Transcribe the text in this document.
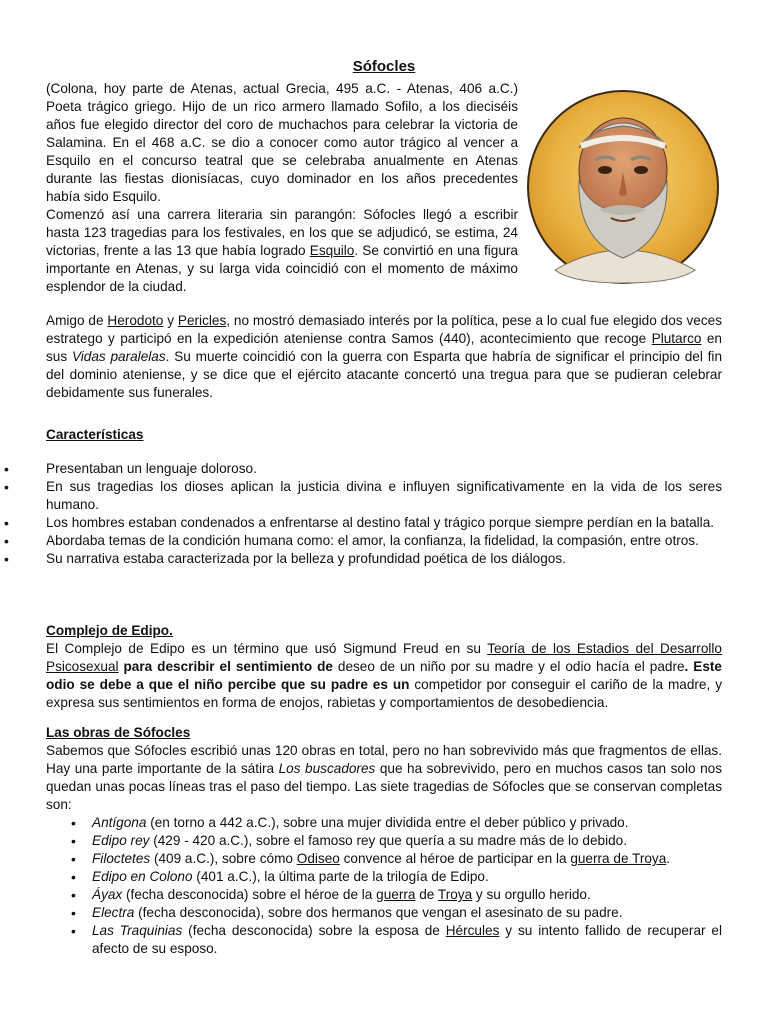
Sófocles

(Colona, hoy parte de Atenas, actual Grecia, 495 a.C. - Atenas, 406 a.C.) Poeta trágico griego. Hijo de un rico armero llamado Sofilo, a los dieciséis años fue elegido director del coro de muchachos para celebrar la victoria de Salamina. En el 468 a.C. se dio a conocer como autor trágico al vencer a Esquilo en el concurso teatral que se celebraba anualmente en Atenas durante las fiestas dionisíacas, cuyo dominador en los años precedentes había sido Esquilo.

Comenzó así una carrera literaria sin parangón: Sófocles llegó a escribir hasta 123 tragedias para los festivales, en los que se adjudicó, se estima, 24 victorias, frente a las 13 que había logrado Esquilo. Se convirtió en una figura importante en Atenas, y su larga vida coincidió con el momento de máximo esplendor de la ciudad.

Amigo de Herodoto y Pericles, no mostró demasiado interés por la política, pese a lo cual fue elegido dos veces estratego y participó en la expedición ateniense contra Samos (440), acontecimiento que recoge Plutarco en sus Vidas paralelas. Su muerte coincidió con la guerra con Esparta que habría de significar el principio del fin del dominio ateniense, y se dice que el ejército atacante concertó una tregua para que se pudieran celebrar debidamente sus funerales.

Características

• Presentaban un lenguaje doloroso.
• En sus tragedias los dioses aplican la justicia divina e influyen significativamente en la vida de los seres humano.
• Los hombres estaban condenados a enfrentarse al destino fatal y trágico porque siempre perdían en la batalla.
• Abordaba temas de la condición humana como: el amor, la confianza, la fidelidad, la compasión, entre otros.
• Su narrativa estaba caracterizada por la belleza y profundidad poética de los diálogos.

Complejo de Edipo.

El Complejo de Edipo es un término que usó Sigmund Freud en su Teoría de los Estadios del Desarrollo Psicosexual para describir el sentimiento de deseo de un niño por su madre y el odio hacía el padre. Este odio se debe a que el niño percibe que su padre es un competidor por conseguir el cariño de la madre, y expresa sus sentimientos en forma de enojos, rabietas y comportamientos de desobediencia.

Las obras de Sófocles

Sabemos que Sófocles escribió unas 120 obras en total, pero no han sobrevivido más que fragmentos de ellas. Hay una parte importante de la sátira Los buscadores que ha sobrevivido, pero en muchos casos tan solo nos quedan unas pocas líneas tras el paso del tiempo. Las siete tragedias de Sófocles que se conservan completas son:

• Antígona (en torno a 442 a.C.), sobre una mujer dividida entre el deber público y privado.
• Edipo rey (429 - 420 a.C.), sobre el famoso rey que quería a su madre más de lo debido.
• Filoctetes (409 a.C.), sobre cómo Odiseo convence al héroe de participar en la guerra de Troya.
• Edipo en Colono (401 a.C.), la última parte de la trilogía de Edipo.
• Áyax (fecha desconocida) sobre el héroe de la guerra de Troya y su orgullo herido.
• Electra (fecha desconocida), sobre dos hermanos que vengan el asesinato de su padre.
• Las Traquinias (fecha desconocida) sobre la esposa de Hércules y su intento fallido de recuperar el afecto de su esposo.
